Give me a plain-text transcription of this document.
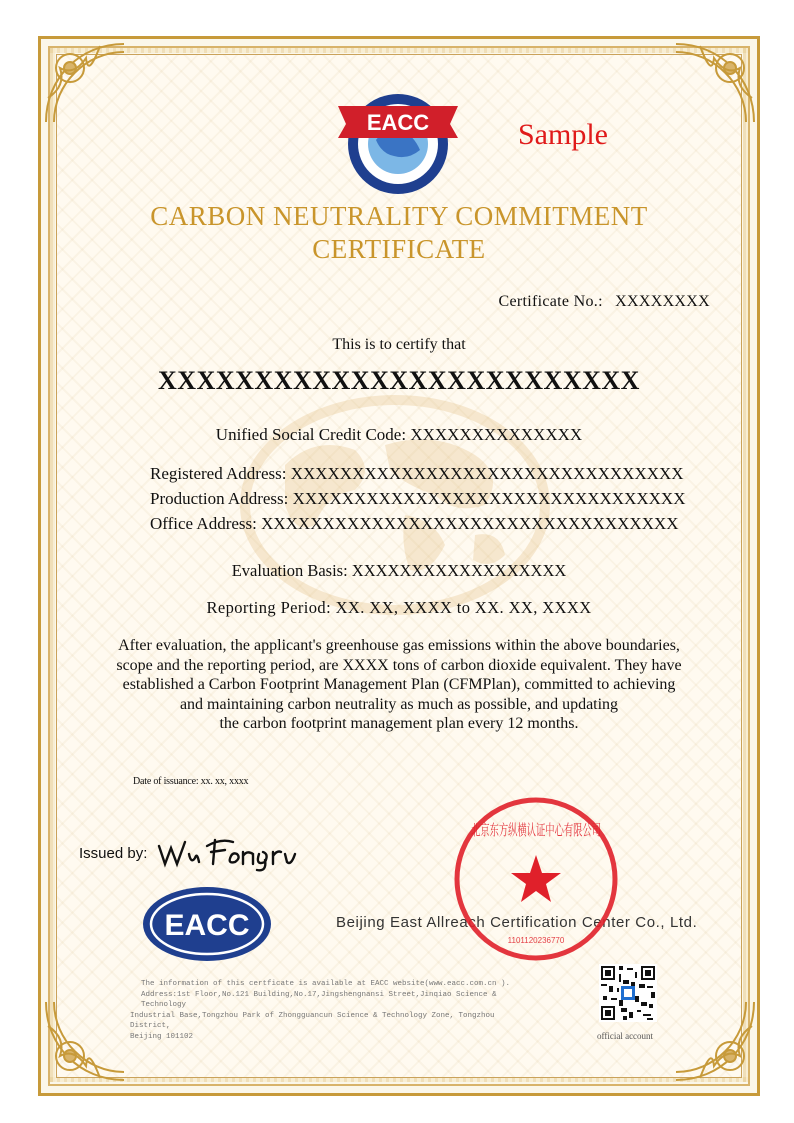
EACC	Sample
CARBON NEUTRALITY COMMITMENT
CERTIFICATE
Certificate No.: XXXXXXXX
This is to certify that
XXXXXXXXXXXXXXXXXXXXXXXXX
Unified Social Credit Code: XXXXXXXXXXXXXX
Registered Address: XXXXXXXXXXXXXXXXXXXXXXXXXXXXXXXX
Production Address: XXXXXXXXXXXXXXXXXXXXXXXXXXXXXXXX
Office Address: XXXXXXXXXXXXXXXXXXXXXXXXXXXXXXXXXX
Evaluation Basis: XXXXXXXXXXXXXXXXXX
Reporting Period: XX. XX, XXXX to XX. XX, XXXX
After evaluation, the applicant's greenhouse gas emissions within the above boundaries,
scope and the reporting period, are XXXX tons of carbon dioxide equivalent. They have
established a Carbon Footprint Management Plan (CFMPlan), committed to achieving
and maintaining carbon neutrality as much as possible, and updating
the carbon footprint management plan every 12 months.
Date of issuance: xx. xx, xxxx
Issued by:
EACC	Beijing East Allreach Certification Center Co., Ltd.
北京东方纵横认证中心有限公司
1101120236770
The information of this certficate is available at EACC website(www.eacc.com.cn ).
Address:1st Floor,No.121 Building,No.17,Jingshengnansi Street,Jinqiao Science & Technology
Industrial Base,Tongzhou Park of Zhongguancun Science & Technology Zone, Tongzhou District,
Beijing 101102	official account
